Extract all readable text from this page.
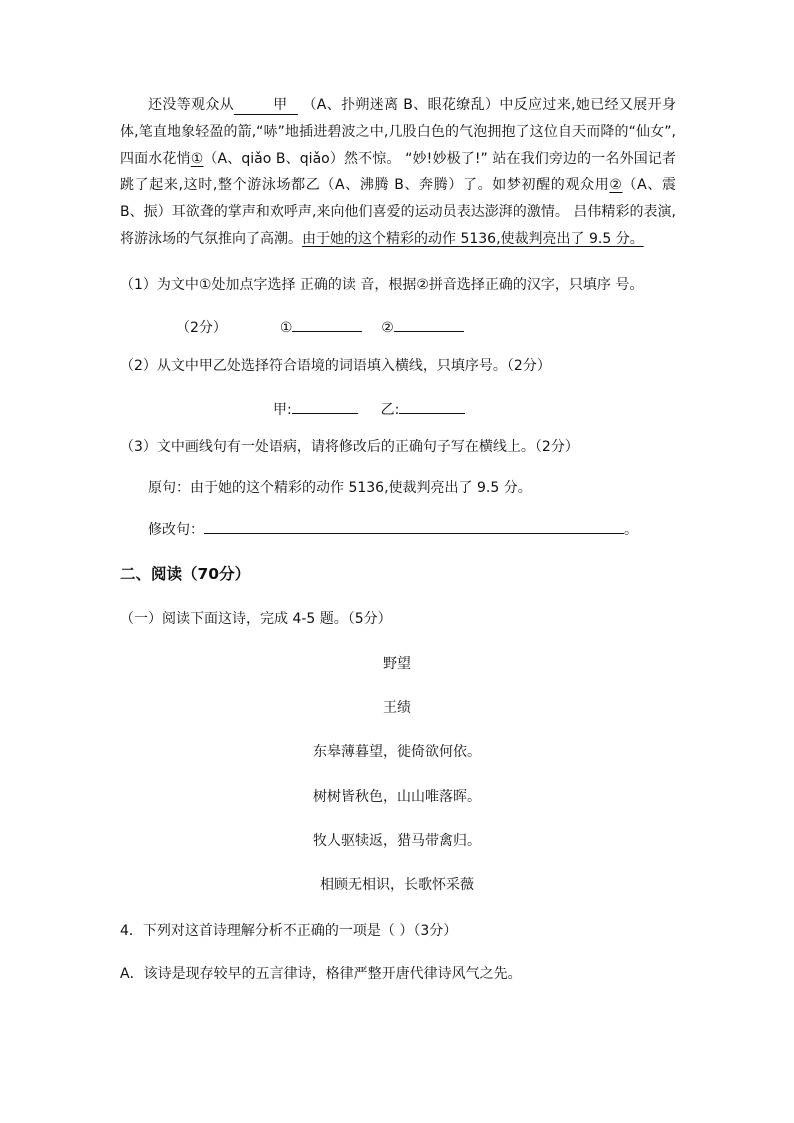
还没等观众从	甲 （A、扑朔迷离 B、眼花缭乱）中反应过来,她已经又展开身体,笔直地象轻盈的箭,“哧”地插进碧波之中,几股白色的气泡拥抱了这位自天而降的“仙女”,四面水花悄①（A、qiǎo B、qiǎo）然不惊。 “妙!妙极了!” 站在我们旁边的一名外国记者跳了起来,这时,整个游泳场都乙（A、沸腾 B、奔腾）了。如梦初醒的观众用②（A、震 B、振）耳欲聋的掌声和欢呼声,来向他们喜爱的运动员表达澎湃的激情。 吕伟精彩的表演,将游泳场的气氛推向了高潮。由于她的这个精彩的动作 5136,使裁判亮出了 9.5 分。

（1）为文中①处加点字选择 正确的读 音，根据②拼音选择正确的汉字，只填序 号。
（2分）	①	②
（2）从文中甲乙处选择符合语境的词语填入横线，只填序号。（2分）
甲:	乙:
（3）文中画线句有一处语病，请将修改后的正确句子写在横线上。（2分）
原句：由于她的这个精彩的动作 5136,使裁判亮出了 9.5 分。
修改句：	。
二、阅读（70分）
（一）阅读下面这诗，完成 4-5 题。（5分）
野望
王绩
东皋薄暮望，徙倚欲何依。
树树皆秋色，山山唯落晖。
牧人驱犊返，猎马带禽归。
相顾无相识，长歌怀采薇
4．下列对这首诗理解分析不正确的一项是（ ）（3分）
A．该诗是现存较早的五言律诗，格律严整开唐代律诗风气之先。
